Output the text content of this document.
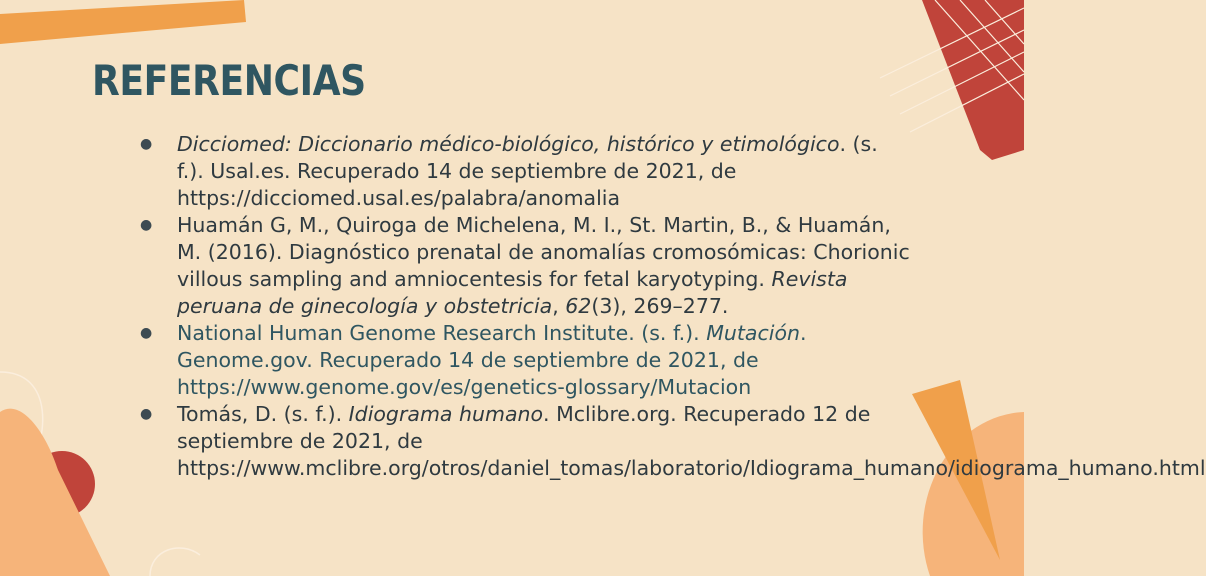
REFERENCIAS
● Dicciomed: Diccionario médico-biológico, histórico y etimológico. (s. f.). Usal.es. Recuperado 14 de septiembre de 2021, de https://dicciomed.usal.es/palabra/anomalia
● Huamán G, M., Quiroga de Michelena, M. I., St. Martin, B., & Huamán, M. (2016). Diagnóstico prenatal de anomalías cromosómicas: Chorionic villous sampling and amniocentesis for fetal karyotyping. Revista peruana de ginecología y obstetricia, 62(3), 269–277.
● National Human Genome Research Institute. (s. f.). Mutación. Genome.gov. Recuperado 14 de septiembre de 2021, de https://www.genome.gov/es/genetics-glossary/Mutacion
● Tomás, D. (s. f.). Idiograma humano. Mclibre.org. Recuperado 12 de septiembre de 2021, de https://www.mclibre.org/otros/daniel_tomas/laboratorio/Idiograma_humano/idiograma_humano.html
